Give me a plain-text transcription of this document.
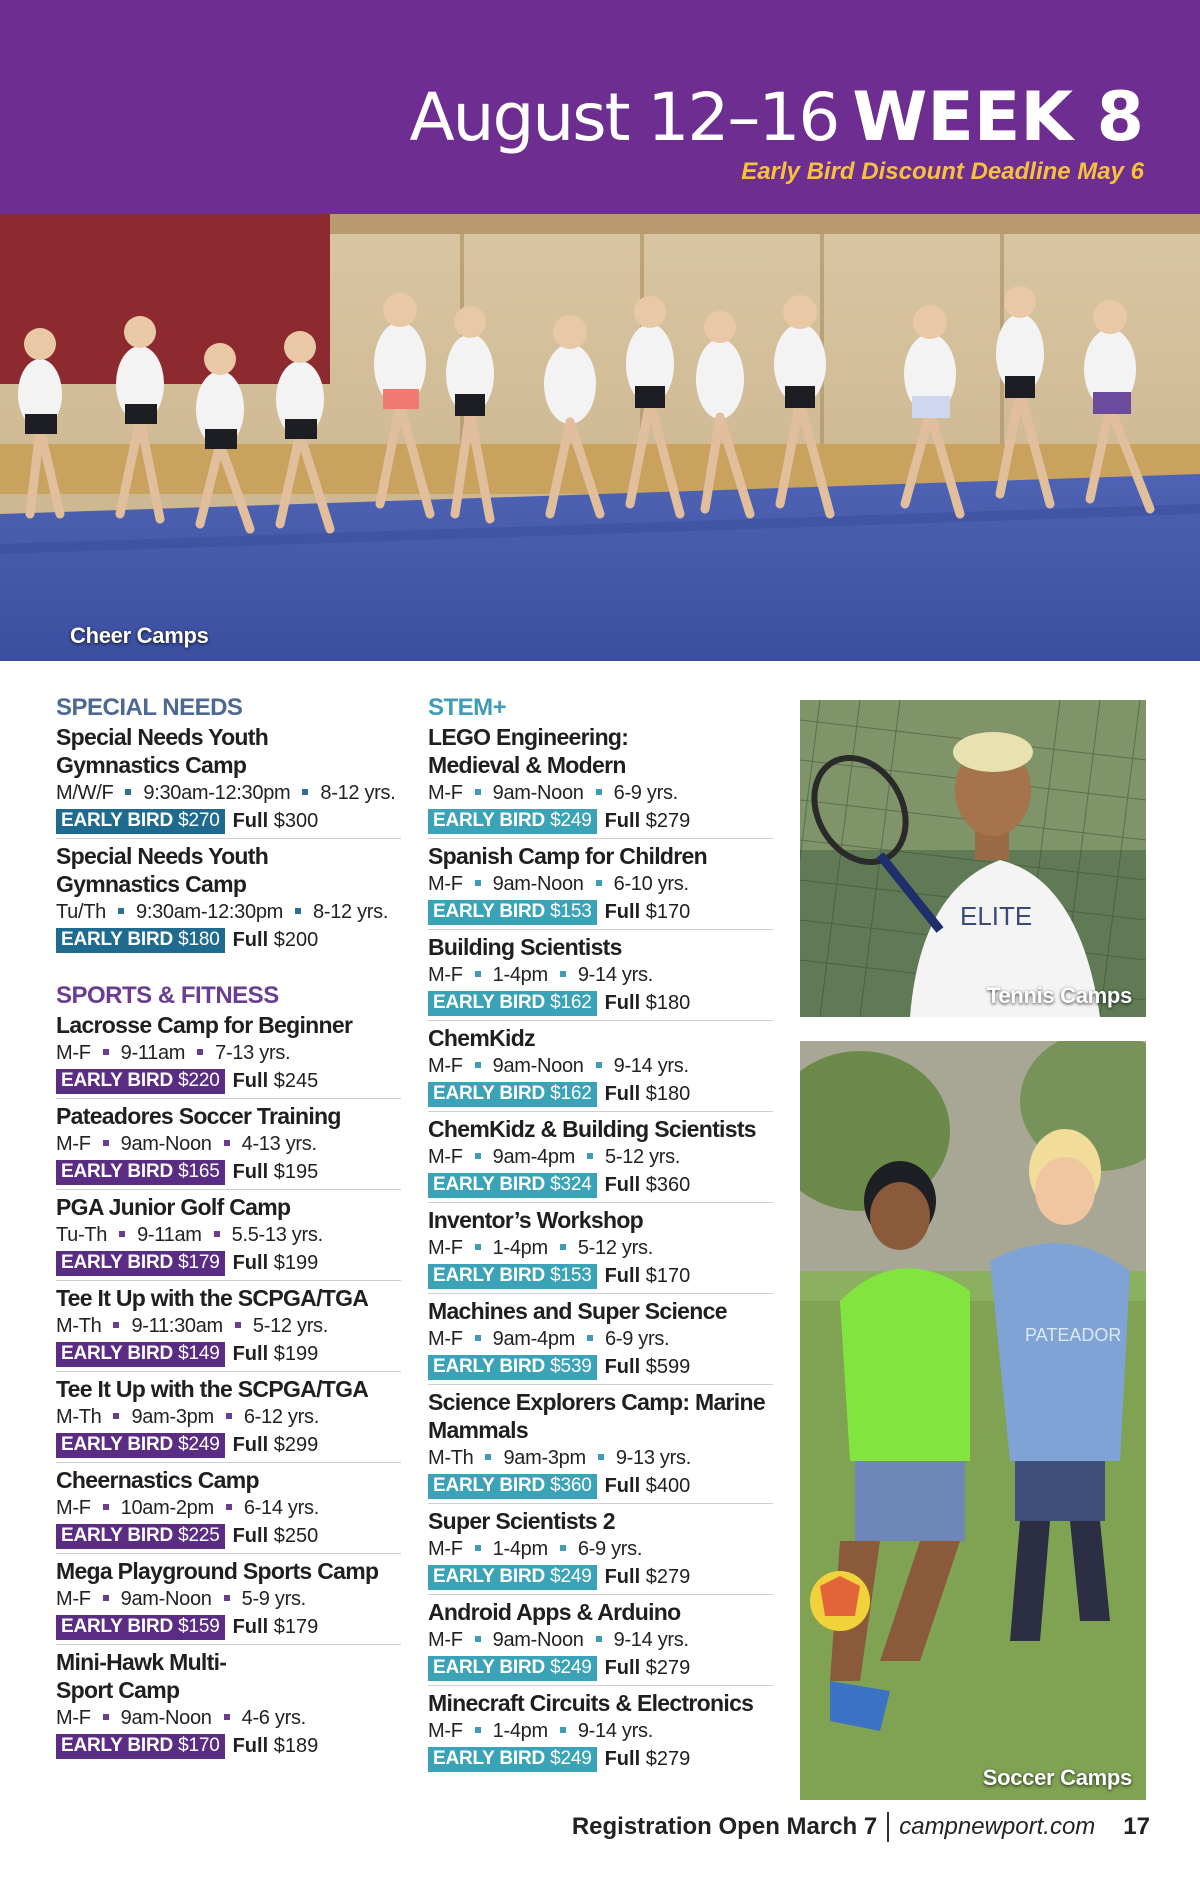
August 12–16 WEEK 8
Early Bird Discount Deadline May 6
Cheer Camps
SPECIAL NEEDS
Special Needs Youth Gymnastics Camp
M/W/F 9:30am-12:30pm 8-12 yrs.
EARLY BIRD $270 Full $300
Special Needs Youth Gymnastics Camp
Tu/Th 9:30am-12:30pm 8-12 yrs.
EARLY BIRD $180 Full $200
SPORTS & FITNESS
Lacrosse Camp for Beginner
M-F 9-11am 7-13 yrs.
EARLY BIRD $220 Full $245
Pateadores Soccer Training
M-F 9am-Noon 4-13 yrs.
EARLY BIRD $165 Full $195
PGA Junior Golf Camp
Tu-Th 9-11am 5.5-13 yrs.
EARLY BIRD $179 Full $199
Tee It Up with the SCPGA/TGA
M-Th 9-11:30am 5-12 yrs.
EARLY BIRD $149 Full $199
Tee It Up with the SCPGA/TGA
M-Th 9am-3pm 6-12 yrs.
EARLY BIRD $249 Full $299
Cheernastics Camp
M-F 10am-2pm 6-14 yrs.
EARLY BIRD $225 Full $250
Mega Playground Sports Camp
M-F 9am-Noon 5-9 yrs.
EARLY BIRD $159 Full $179
Mini-Hawk Multi-Sport Camp
M-F 9am-Noon 4-6 yrs.
EARLY BIRD $170 Full $189
STEM+
LEGO Engineering: Medieval & Modern
M-F 9am-Noon 6-9 yrs.
EARLY BIRD $249 Full $279
Spanish Camp for Children
M-F 9am-Noon 6-10 yrs.
EARLY BIRD $153 Full $170
Building Scientists
M-F 1-4pm 9-14 yrs.
EARLY BIRD $162 Full $180
ChemKidz
M-F 9am-Noon 9-14 yrs.
EARLY BIRD $162 Full $180
ChemKidz & Building Scientists
M-F 9am-4pm 5-12 yrs.
EARLY BIRD $324 Full $360
Inventor’s Workshop
M-F 1-4pm 5-12 yrs.
EARLY BIRD $153 Full $170
Machines and Super Science
M-F 9am-4pm 6-9 yrs.
EARLY BIRD $539 Full $599
Science Explorers Camp: Marine Mammals
M-Th 9am-3pm 9-13 yrs.
EARLY BIRD $360 Full $400
Super Scientists 2
M-F 1-4pm 6-9 yrs.
EARLY BIRD $249 Full $279
Android Apps & Arduino
M-F 9am-Noon 9-14 yrs.
EARLY BIRD $249 Full $279
Minecraft Circuits & Electronics
M-F 1-4pm 9-14 yrs.
EARLY BIRD $249 Full $279
ELITE
Tennis Camps
PATEADOR
Soccer Camps
Registration Open March 7 campnewport.com 17
